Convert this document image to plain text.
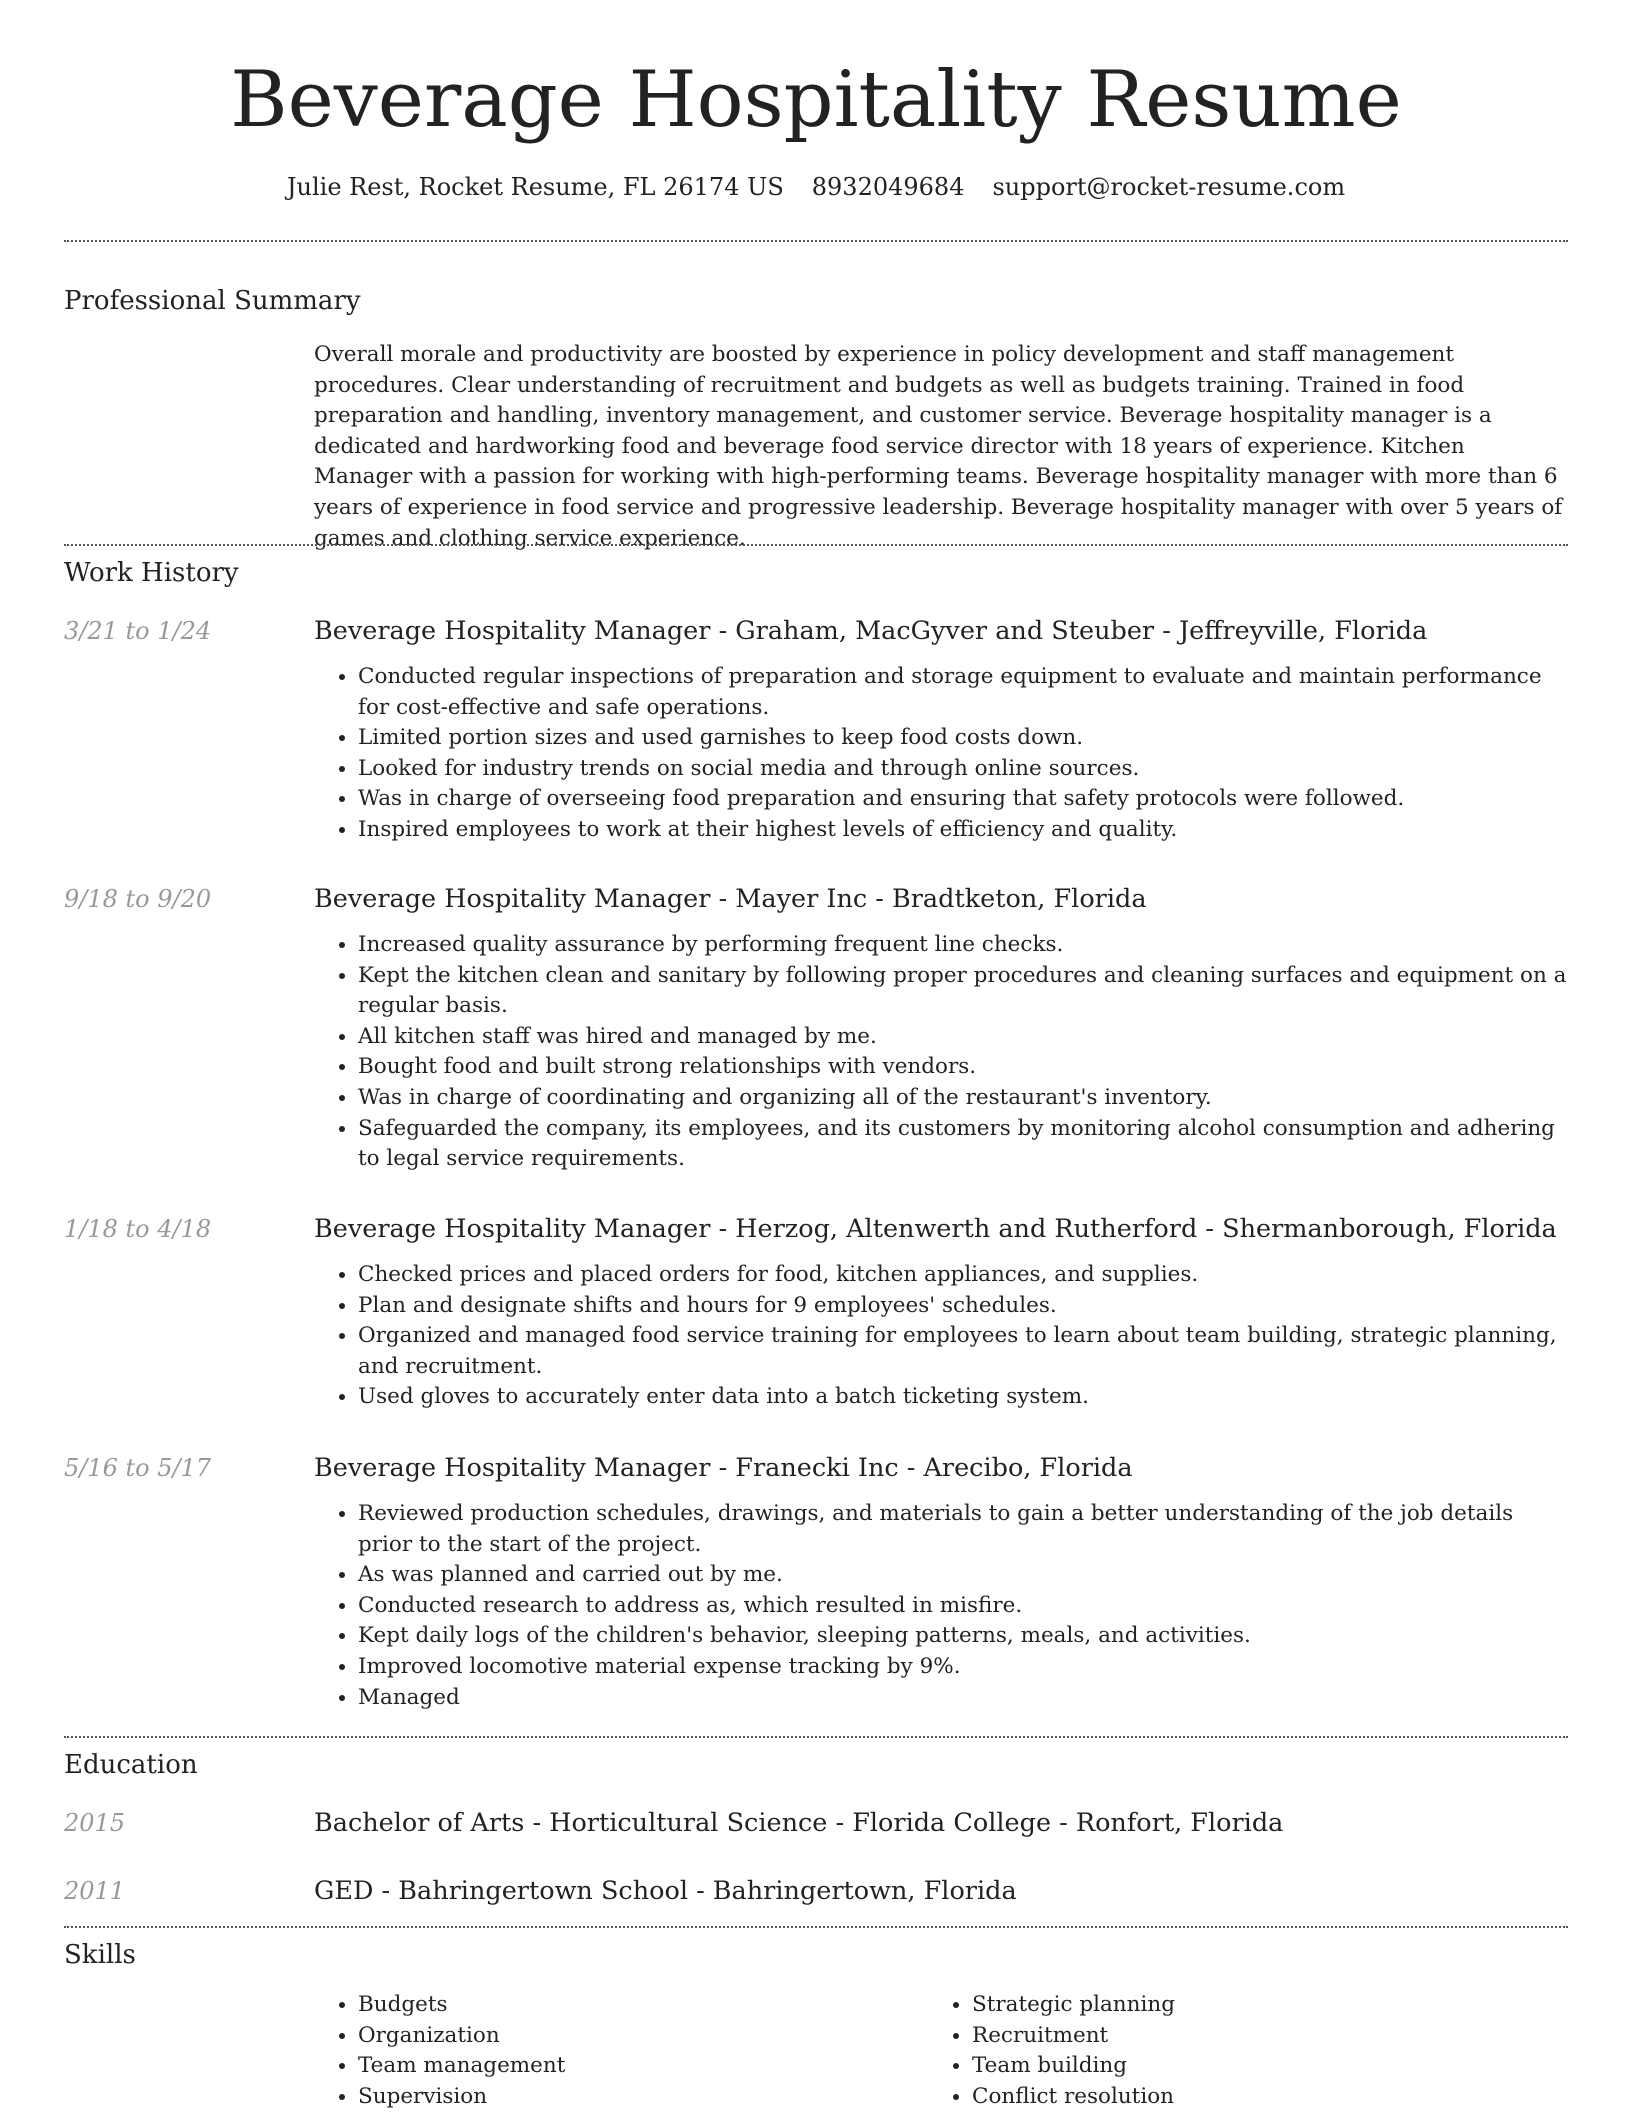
Beverage Hospitality Resume
Julie Rest, Rocket Resume, FL 26174 US 8932049684 support@rocket-resume.com
Professional Summary

Overall morale and productivity are boosted by experience in policy development and staff management procedures. Clear understanding of recruitment and budgets as well as budgets training. Trained in food preparation and handling, inventory management, and customer service. Beverage hospitality manager is a dedicated and hardworking food and beverage food service director with 18 years of experience. Kitchen Manager with a passion for working with high-performing teams. Beverage hospitality manager with more than 6 years of experience in food service and progressive leadership. Beverage hospitality manager with over 5 years of games and clothing service experience.

Work History
3/21 to 1/24	Beverage Hospitality Manager - Graham, MacGyver and Steuber - Jeffreyville, Florida
• Conducted regular inspections of preparation and storage equipment to evaluate and maintain performance for cost-effective and safe operations.
• Limited portion sizes and used garnishes to keep food costs down.
• Looked for industry trends on social media and through online sources.
• Was in charge of overseeing food preparation and ensuring that safety protocols were followed.
• Inspired employees to work at their highest levels of efficiency and quality.
9/18 to 9/20	Beverage Hospitality Manager - Mayer Inc - Bradtketon, Florida
• Increased quality assurance by performing frequent line checks.
• Kept the kitchen clean and sanitary by following proper procedures and cleaning surfaces and equipment on a regular basis.
• All kitchen staff was hired and managed by me.
• Bought food and built strong relationships with vendors.
• Was in charge of coordinating and organizing all of the restaurant's inventory.
• Safeguarded the company, its employees, and its customers by monitoring alcohol consumption and adhering to legal service requirements.
1/18 to 4/18	Beverage Hospitality Manager - Herzog, Altenwerth and Rutherford - Shermanborough, Florida
• Checked prices and placed orders for food, kitchen appliances, and supplies.
• Plan and designate shifts and hours for 9 employees' schedules.
• Organized and managed food service training for employees to learn about team building, strategic planning, and recruitment.
• Used gloves to accurately enter data into a batch ticketing system.
5/16 to 5/17	Beverage Hospitality Manager - Franecki Inc - Arecibo, Florida
• Reviewed production schedules, drawings, and materials to gain a better understanding of the job details prior to the start of the project.
• As was planned and carried out by me.
• Conducted research to address as, which resulted in misfire.
• Kept daily logs of the children's behavior, sleeping patterns, meals, and activities.
• Improved locomotive material expense tracking by 9%.
• Managed
Education
2015	Bachelor of Arts - Horticultural Science - Florida College - Ronfort, Florida
2011	GED - Bahringertown School - Bahringertown, Florida
Skills
• Budgets
• Organization
• Team management
• Supervision
• Strategic planning
• Recruitment
• Team building
• Conflict resolution
